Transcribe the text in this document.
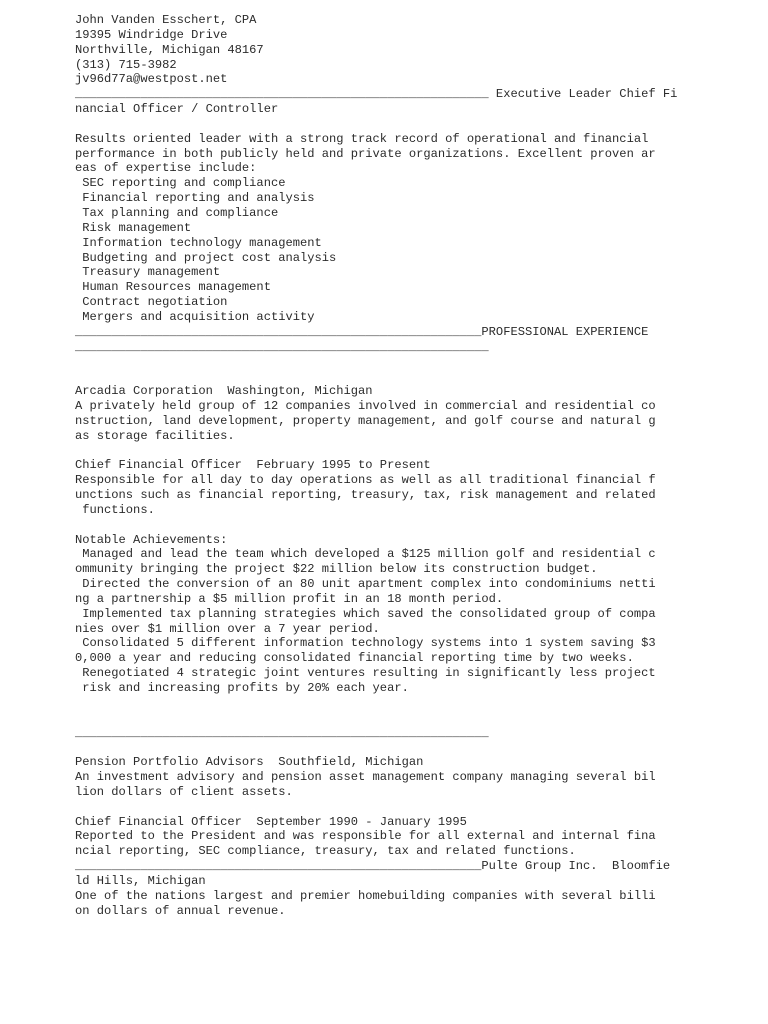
John Vanden Esschert, CPA
19395 Windridge Drive
Northville, Michigan 48167
(313) 715-3982
jv96d77a@westpost.net
_________________________________________________________ Executive Leader Chief Fi
nancial Officer / Controller
Results oriented leader with a strong track record of operational and financial
performance in both publicly held and private organizations. Excellent proven ar
eas of expertise include:
SEC reporting and compliance
Financial reporting and analysis
Tax planning and compliance
Risk management
Information technology management
Budgeting and project cost analysis
Treasury management
Human Resources management
Contract negotiation
Mergers and acquisition activity
________________________________________________________PROFESSIONAL EXPERIENCE
_________________________________________________________
Arcadia Corporation  Washington, Michigan
A privately held group of 12 companies involved in commercial and residential co
nstruction, land development, property management, and golf course and natural g
as storage facilities.
Chief Financial Officer  February 1995 to Present
Responsible for all day to day operations as well as all traditional financial f
unctions such as financial reporting, treasury, tax, risk management and related
functions.
Notable Achievements:
Managed and lead the team which developed a $125 million golf and residential c
ommunity bringing the project $22 million below its construction budget.
Directed the conversion of an 80 unit apartment complex into condominiums netti
ng a partnership a $5 million profit in an 18 month period.
Implemented tax planning strategies which saved the consolidated group of compa
nies over $1 million over a 7 year period.
Consolidated 5 different information technology systems into 1 system saving $3
0,000 a year and reducing consolidated financial reporting time by two weeks.
Renegotiated 4 strategic joint ventures resulting in significantly less project
risk and increasing profits by 20% each year.
_________________________________________________________
Pension Portfolio Advisors  Southfield, Michigan
An investment advisory and pension asset management company managing several bil
lion dollars of client assets.
Chief Financial Officer  September 1990 - January 1995
Reported to the President and was responsible for all external and internal fina
ncial reporting, SEC compliance, treasury, tax and related functions.
________________________________________________________Pulte Group Inc.  Bloomfie
ld Hills, Michigan
One of the nations largest and premier homebuilding companies with several billi
on dollars of annual revenue.
